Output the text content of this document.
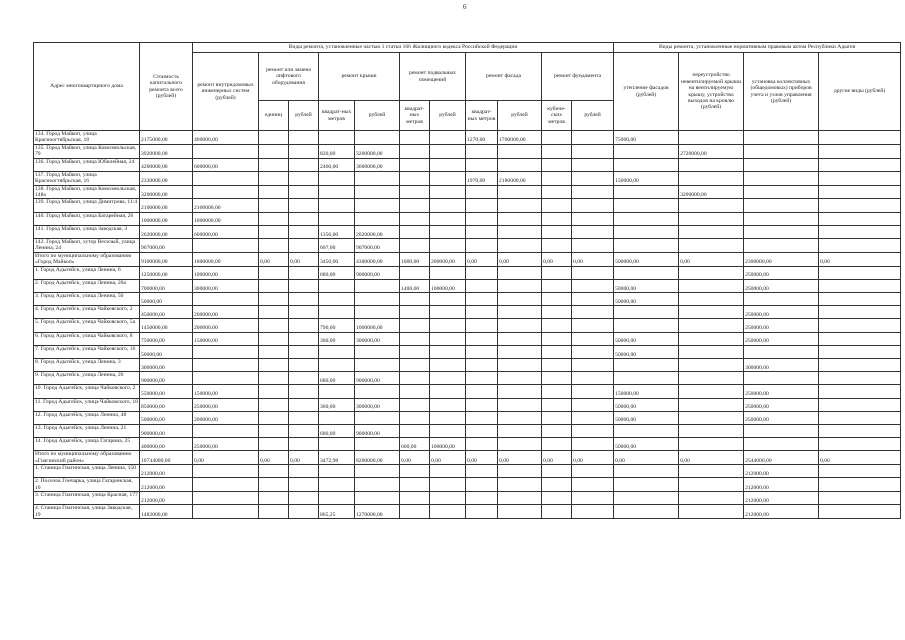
6
Адрес многоквартирного дома	Стоимость капитального ремонта всего (рублей)	Виды ремонта, установленные частью 1 статьи 166 Жилищного кодекса Российской Федерации											Виды ремонта, установленные нормативным правовым актом Республики Адыгея			
		ремонт внутридомовых инженерных систем (рублей)	ремонт или замена лифтового оборудования		ремонт крыши		ремонт подвальных помещений		ремонт фасада		ремонт фундамента		утепление фасадов (рублей)	переустройство невентилируемой крыши на вентилируемую крышу, устройство выходов на кровлю (рублей)	установка коллективных (общедомовых) приборов учета и узлов управления (рублей)	другие виды (рублей)
			единиц	рублей	квадрат-ных метров	рублей	квадрат-ных метров	рублей	квадрат-ных метров	рублей	кубиче-ских метров	рублей				
134. Город Майкоп, улица Красноогтябрьская, 18	2175000,00	400000,00							1270,00	1700000,00			75000,00			
135. Город Майкоп, улица Комсомольская, 79	3920000,00				820,00	3200000,00								2720000,00		
136. Город Майкоп, улица Юбилейная, 24	4200000,00	600000,00			2460,00	3600000,00										
137. Город Майкоп, улица Красноогтябрьская, 16	2330000,00								1970,00	2180000,00			150000,00			
138. Город Майкоп, улица Комсомольская, 148а	3200000,00													3200000,00		
139. Город Майкоп, улица Димитрова, 11/4	2100000,00	2100000,00														
140. Город Майкоп, улица Батарейная, 26	1000000,00	1000000,00														
141. Город Майкоп, улица Заводская, 3	2620000,00	600000,00			1356,00	2020000,00										
142. Город Майкоп, хутор Веселый, улица Ленина, 24	907000,00				607,00	907000,00										
Итого по муниципальному образованию «Город Майкоп»	9100000,00	1800000,00	0,00	0,00	3450,00	4300000,00	1000,00	200000,00	0,00	0,00	0,00	0,00	500000,00	0,00	2300000,00	0,00
1. Город Адыгейск, улица Ленина, 6	1250000,00	100000,00			680,00	900000,00									250000,00	
2. Город Адыгейск, улица Ленина, 20а	700000,00	300000,00					1400,00	100000,00					50000,00		250000,00	
3. Город Адыгейск, улица Ленина, 50	50000,00												50000,00			
4. Город Адыгейск, улица Чайковского, 2	450000,00	200000,00													250000,00	
5. Город Адыгейск, улица Чайковского, 5а	1450000,00	200000,00			790,00	1000000,00									250000,00	
6. Город Адыгейск, улица Чайковского, 8	750000,00	150000,00			360,00	300000,00							50000,00		250000,00	
7. Город Адыгейск, улица Чайковского, 16	50000,00												50000,00			
8. Город Адыгейск, улица Ленина, 3	300000,00														300000,00	
9. Город Адыгейск, улица Ленина, 26	900000,00				680,00	900000,00										
10. Город Адыгейск, улица Чайковского, 2	550000,00	150000,00											150000,00		250000,00	
11. Город Адыгейск, улица Чайковского, 18	850000,00	250000,00			360,00	300000,00							50000,00		250000,00	
12. Город Адыгейск, улица Ленина, 48	500000,00	200000,00											50000,00		250000,00	
13. Город Адыгейск, улица Ленина, 21	900000,00				680,00	900000,00										
14. Город Адыгейск, улица Гагарина, 25	400000,00	250000,00					600,00	100000,00					50000,00			
Итого по муниципальному образованию «Гиагинский район»	10744000,00	0,00	0,00	0,00	3472,98	8200000,00	0,00	0,00	0,00	0,00	0,00	0,00	0,00	0,00	2544000,00	0,00
1. Станица Гиагинская, улица Ленина, 150	212000,00														212000,00	
2. Поселок Гончарка, улица Гагаринская, 10	212000,00														212000,00	
3. Станица Гиагинская, улица Красная, 177	212000,00														212000,00	
4. Станица Гиагинская, улица Заводская, 19	1482000,00				865,25	1270000,00									212000,00	
